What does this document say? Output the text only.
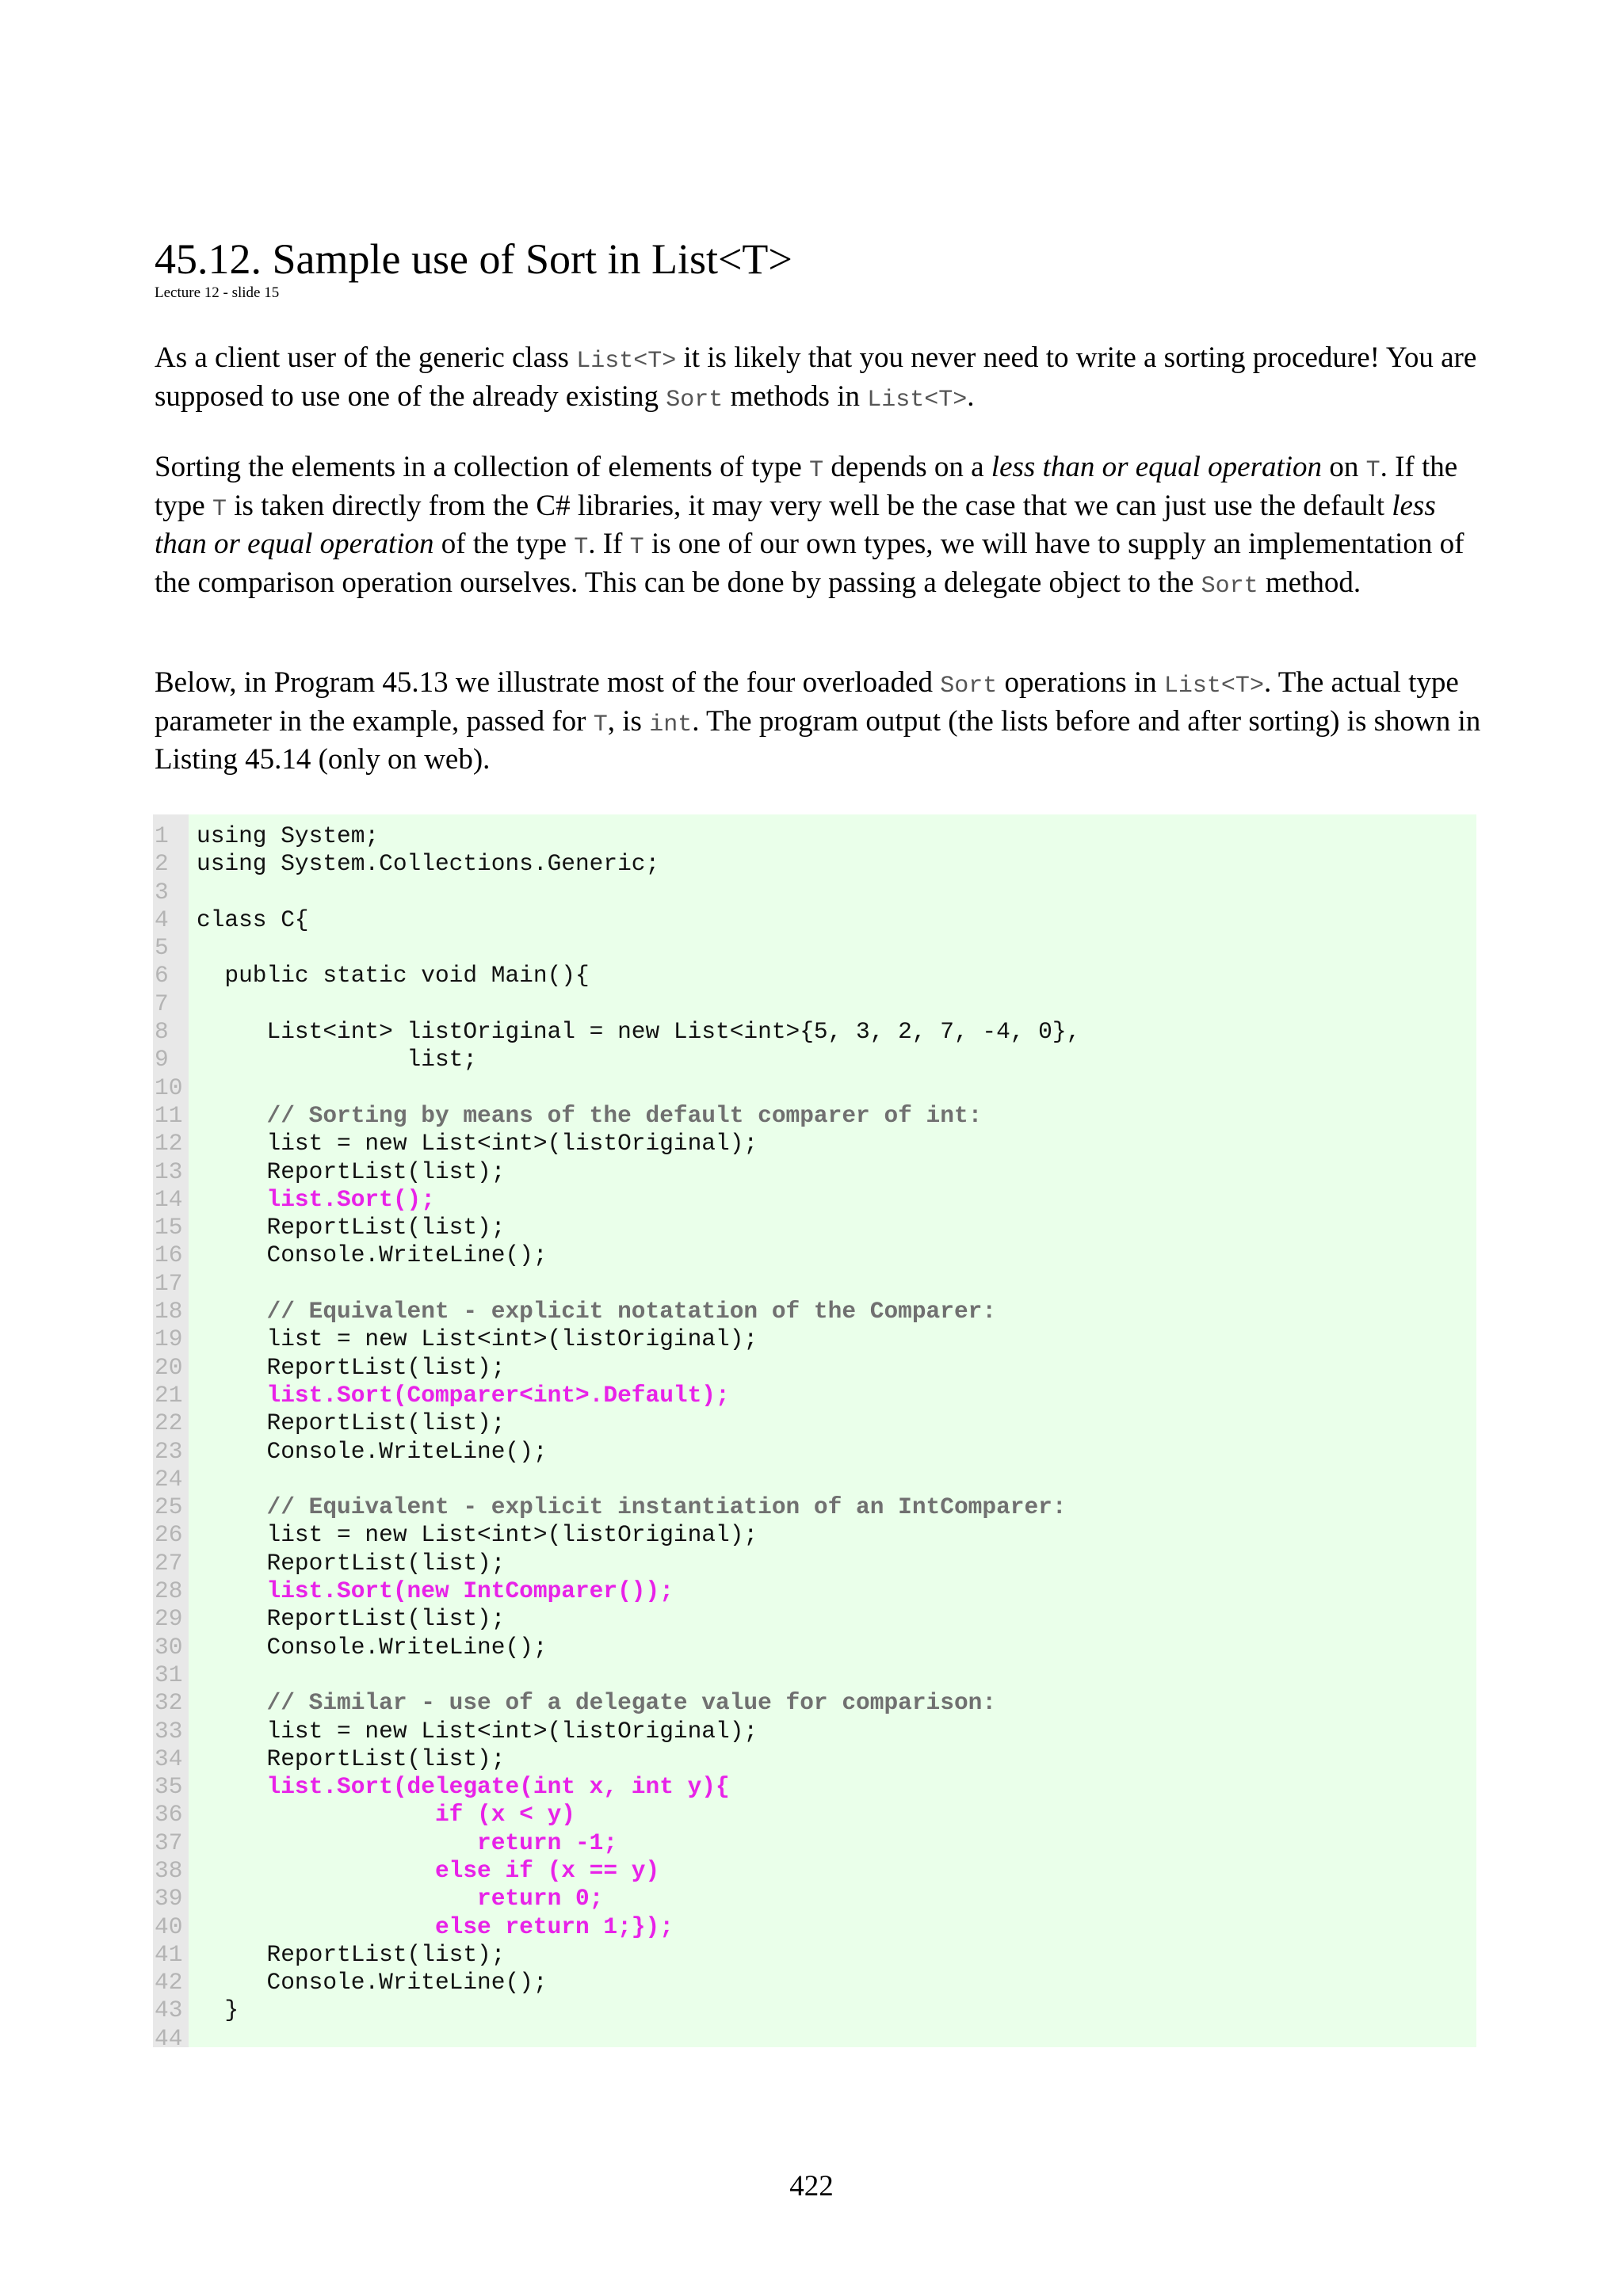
45.12. Sample use of Sort in List<T>
Lecture 12 - slide 15
As a client user of the generic class List<T> it is likely that you never need to write a sorting procedure! You are supposed to use one of the already existing Sort methods in List<T>.
Sorting the elements in a collection of elements of type T depends on a less than or equal operation on T. If the type T is taken directly from the C# libraries, it may very well be the case that we can just use the default less than or equal operation of the type T. If T is one of our own types, we will have to supply an implementation of the comparison operation ourselves. This can be done by passing a delegate object to the Sort method.
Below, in Program 45.13 we illustrate most of the four overloaded Sort operations in List<T>. The actual type parameter in the example, passed for T, is int. The program output (the lists before and after sorting) is shown in Listing 45.14 (only on web).
1 using System;
2 using System.Collections.Generic;
3
4 class C{
5
6  public static void Main(){
7
8     List<int> listOriginal = new List<int>{5, 3, 2, 7, -4, 0},
9               list;
10
11     // Sorting by means of the default comparer of int:
12     list = new List<int>(listOriginal);
13     ReportList(list);
14     list.Sort();
15     ReportList(list);
16     Console.WriteLine();
17
18     // Equivalent - explicit notatation of the Comparer:
19     list = new List<int>(listOriginal);
20     ReportList(list);
21     list.Sort(Comparer<int>.Default);
22     ReportList(list);
23     Console.WriteLine();
24
25     // Equivalent - explicit instantiation of an IntComparer:
26     list = new List<int>(listOriginal);
27     ReportList(list);
28     list.Sort(new IntComparer());
29     ReportList(list);
30     Console.WriteLine();
31
32     // Similar - use of a delegate value for comparison:
33     list = new List<int>(listOriginal);
34     ReportList(list);
35     list.Sort(delegate(int x, int y){
36                 if (x < y)
37                    return -1;
38                 else if (x == y)
39                    return 0;
40                 else return 1;});
41     ReportList(list);
42     Console.WriteLine();
43  }
44
422
